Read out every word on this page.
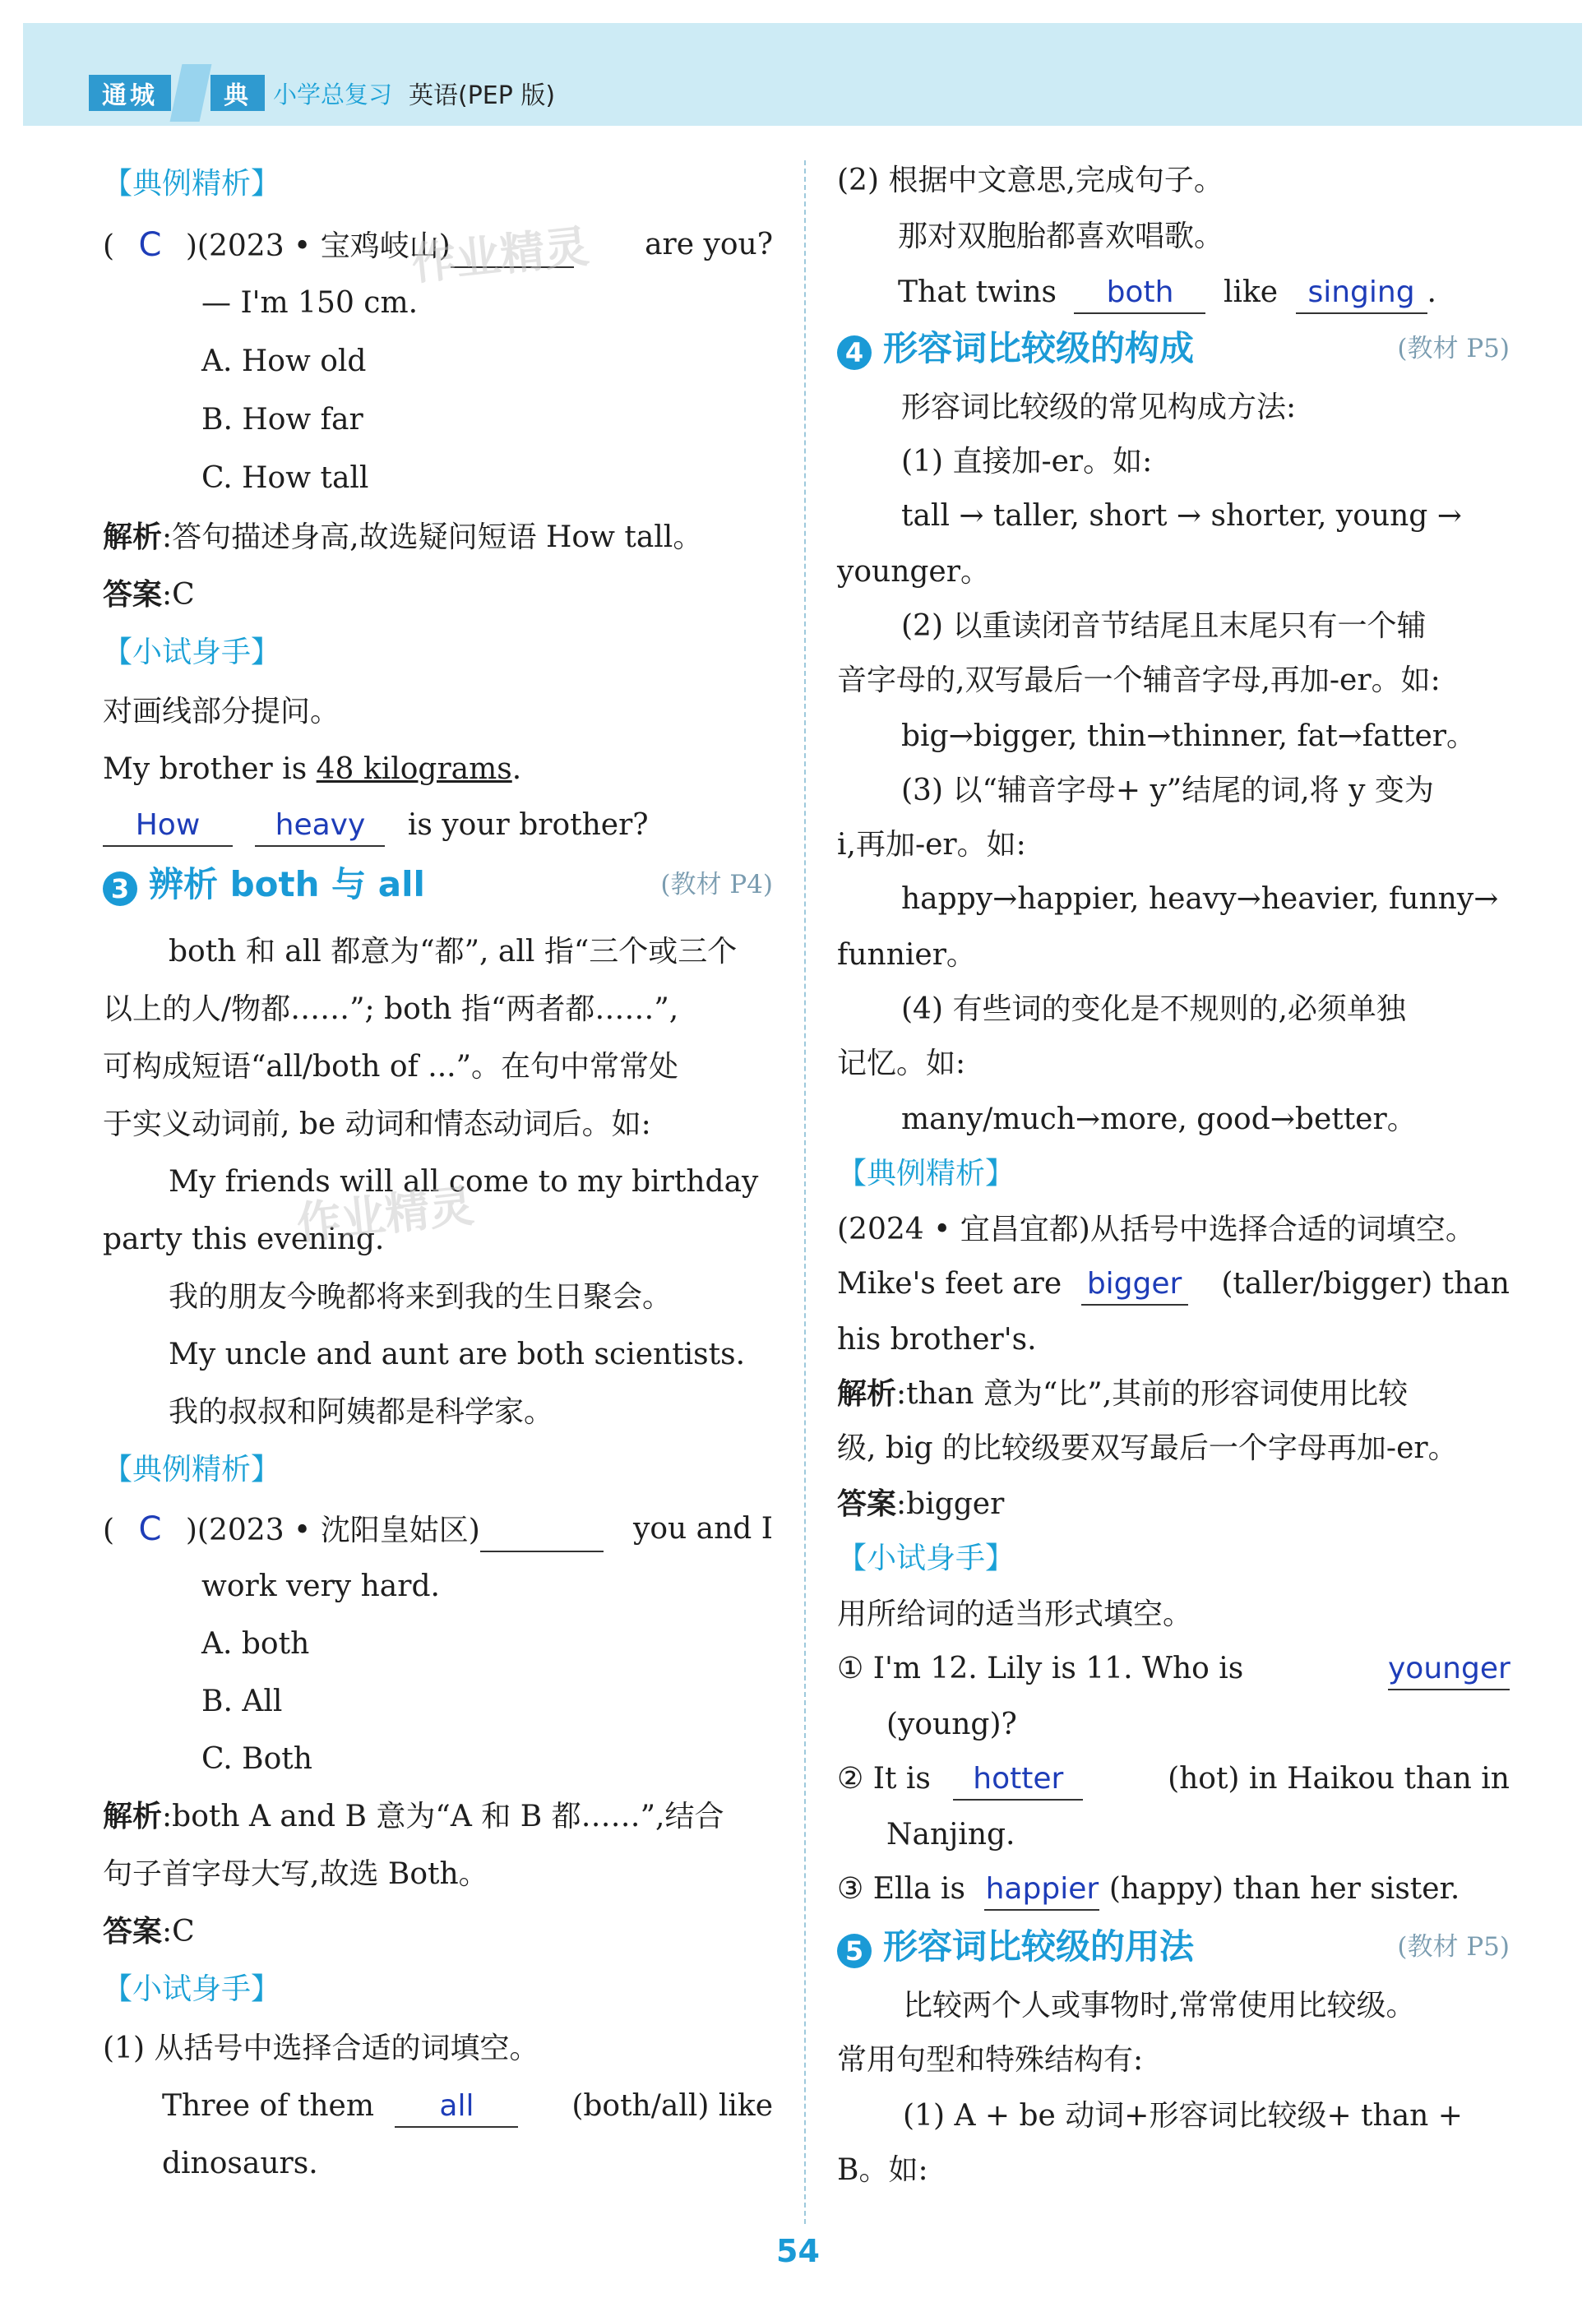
通城	典 小学总复习 英语(PEP 版)
【典例精析】
( C )(2023 • 宝鸡岐山)	are you?
— I'm 150 cm.
A. How old
B. How far
C. How tall
解析:答句描述身高,故选疑问短语 How tall。
答案:C
【小试身手】
对画线部分提问。
My brother is 48 kilograms.
How	heavy is your brother?
3 辨析 both 与 all	(教材 P4)
both 和 all 都意为“都”, all 指“三个或三个
以上的人/物都……”; both 指“两者都……”,
可构成短语“all/both of ...”。在句中常常处
于实义动词前, be 动词和情态动词后。如:
My friends will all come to my birthday
party this evening.
我的朋友今晚都将来到我的生日聚会。
My uncle and aunt are both scientists.
我的叔叔和阿姨都是科学家。
【典例精析】
( C )(2023 • 沈阳皇姑区)	you and I
work very hard.
A. both
B. All
C. Both
解析:both A and B 意为“A 和 B 都……”,结合
句子首字母大写,故选 Both。
答案:C
【小试身手】
(1) 从括号中选择合适的词填空。
Three of them all	(both/all) like
dinosaurs.
(2) 根据中文意思,完成句子。
那对双胞胎都喜欢唱歌。
That twins both like singing .
4 形容词比较级的构成	(教材 P5)
形容词比较级的常见构成方法:
(1) 直接加-er。如:
tall → taller, short → shorter, young →
younger。
(2) 以重读闭音节结尾且末尾只有一个辅
音字母的,双写最后一个辅音字母,再加-er。如:
big→bigger, thin→thinner, fat→fatter。
(3) 以“辅音字母+ y”结尾的词,将 y 变为
i,再加-er。如:
happy→happier, heavy→heavier, funny→
funnier。
(4) 有些词的变化是不规则的,必须单独
记忆。如:
many/much→more, good→better。
【典例精析】
(2024 • 宜昌宜都)从括号中选择合适的词填空。
Mike's feet are bigger (taller/bigger) than
his brother's.
解析:than 意为“比”,其前的形容词使用比较
级, big 的比较级要双写最后一个字母再加-er。
答案:bigger
【小试身手】
用所给词的适当形式填空。
① I'm 12. Lily is 11. Who is	younger
(young)?
② It is hotter	(hot) in Haikou than in
Nanjing.
③ Ella is happier (happy) than her sister.
5 形容词比较级的用法	(教材 P5)
比较两个人或事物时,常常使用比较级。
常用句型和特殊结构有:
(1) A + be 动词+形容词比较级+ than +
B。如:
作业精灵
作业精灵
54
